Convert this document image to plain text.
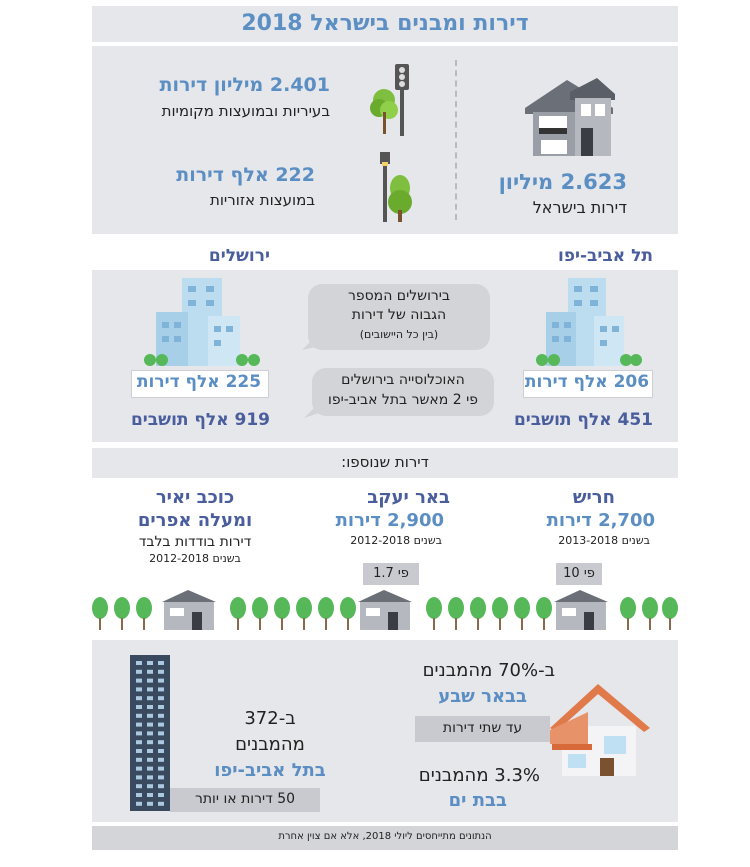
דירות ומבנים בישראל 2018
2.623 מיליון
דירות בישראל
2.401 מיליון דירות
בעיריות ובמועצות מקומיות
222 אלף דירות
במועצות אזוריות
תל אביב-יפו
ירושלים
206 אלף דירות
451 אלף תושבים
225 אלף דירות
919 אלף תושבים
בירושלים המספר
הגבוה של דירות
(בין כל היישובים)
האוכלוסייה בירושלים
פי 2 מאשר בתל אביב-יפו
דירות שנוספו:
חריש
2,700 דירות
בשנים 2013-2018
פי 10
באר יעקב
2,900 דירות
בשנים 2012-2018
פי 1.7
כוכב יאיר
ומעלה אפרים
דירות בודדות בלבד
בשנים 2012-2018
ב-70% מהמבנים
בבאר שבע
עד שתי דירות
3.3% מהמבנים
בבת ים
ב-372
מהמבנים
בתל אביב-יפו
50 דירות או יותר
הנתונים מתייחסים ליולי 2018, אלא אם צוין אחרת
